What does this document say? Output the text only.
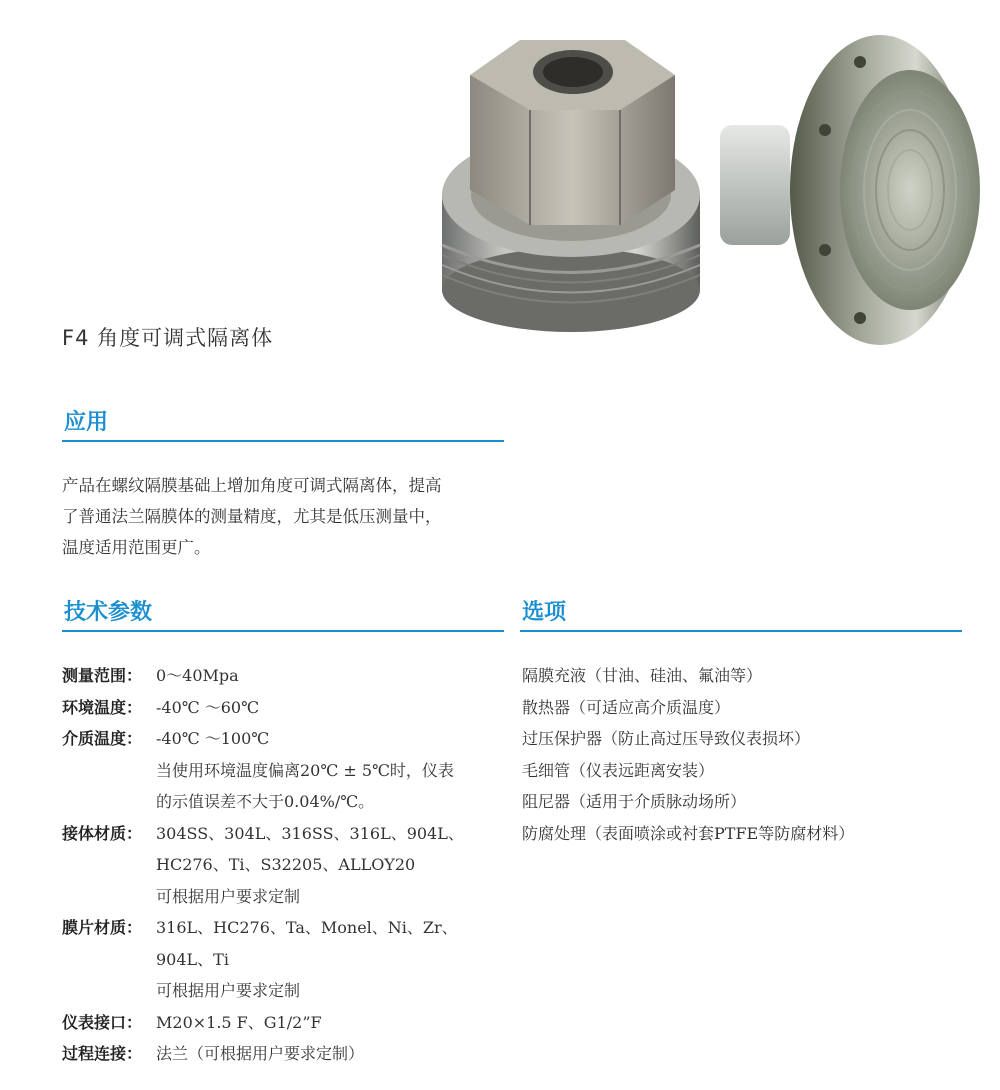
F4 角度可调式隔离体
应用
产品在螺纹隔膜基础上增加角度可调式隔离体，提高
了普通法兰隔膜体的测量精度，尤其是低压测量中，
温度适用范围更广。
技术参数
测量范围： 0～40Mpa
环境温度： -40℃ ～60℃
介质温度： -40℃ ～100℃
当使用环境温度偏离20℃ ± 5℃时，仪表
的示值误差不大于0.04%/℃。
接体材质： 304SS、304L、316SS、316L、904L、
HC276、Ti、S32205、ALLOY20
可根据用户要求定制
膜片材质： 316L、HC276、Ta、Monel、Ni、Zr、
904L、Ti
可根据用户要求定制
仪表接口： M20×1.5 F、G1/2”F
过程连接： 法兰（可根据用户要求定制）
选项
隔膜充液（甘油、硅油、氟油等）
散热器（可适应高介质温度）
过压保护器（防止高过压导致仪表损坏）
毛细管（仪表远距离安装）
阻尼器（适用于介质脉动场所）
防腐处理（表面喷涂或衬套PTFE等防腐材料）
